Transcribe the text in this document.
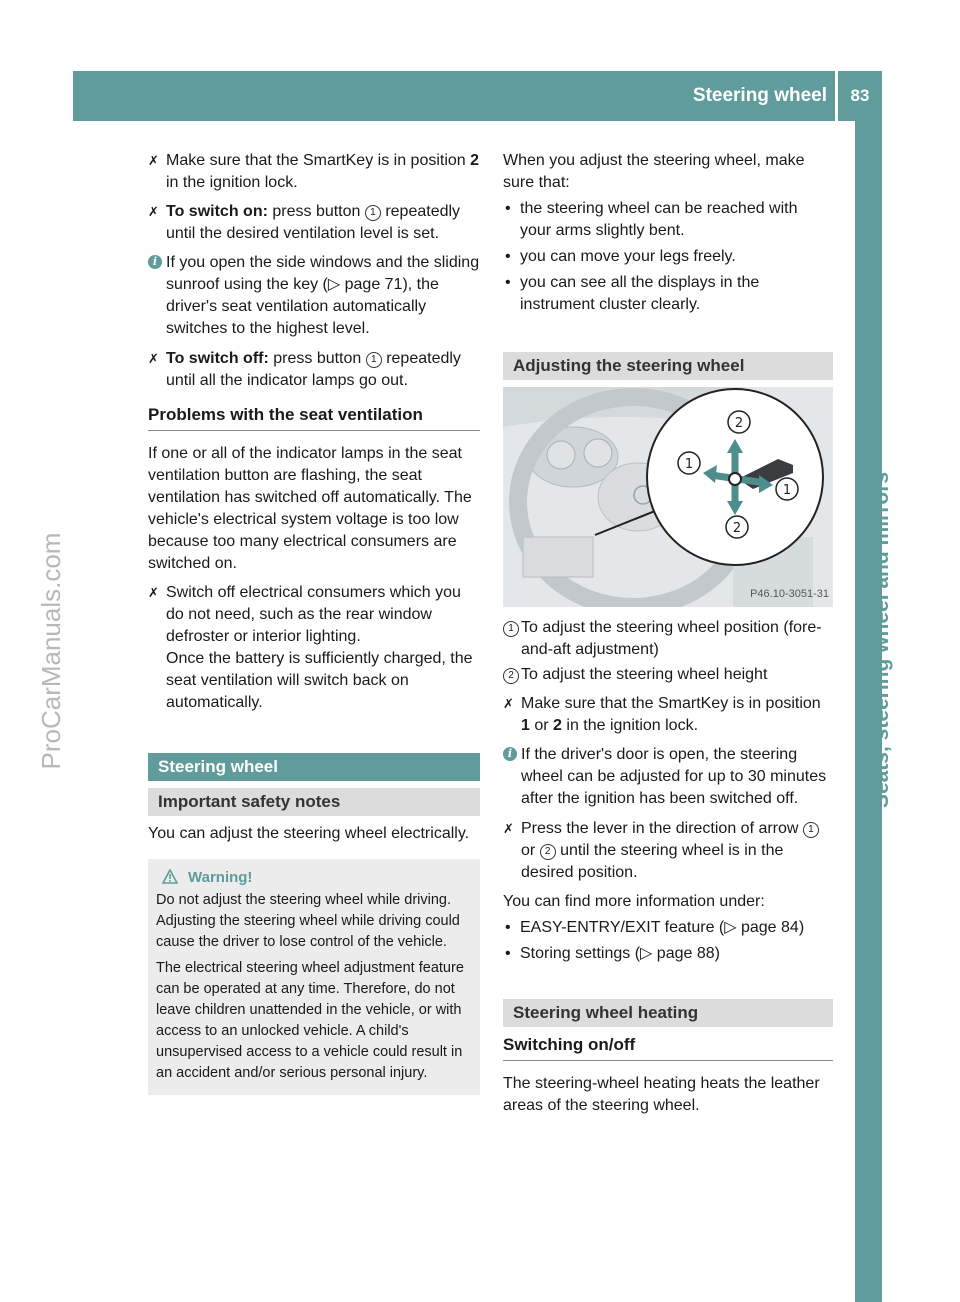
Steering wheel	83
Seats, steering wheel and mirrors
ProCarManuals.com

✗ Make sure that the SmartKey is in position 2 in the ignition lock.

✗ To switch on: press button 1 repeatedly until the desired ventilation level is set.

i If you open the side windows and the sliding sunroof using the key (▷ page 71), the driver's seat ventilation automatically switches to the highest level.

✗ To switch off: press button 1 repeatedly until all the indicator lamps go out.

Problems with the seat ventilation

If one or all of the indicator lamps in the seat ventilation button are flashing, the seat ventilation has switched off automatically. The vehicle's electrical system voltage is too low because too many electrical consumers are switched on.

✗ Switch off electrical consumers which you do not need, such as the rear window defroster or interior lighting.
Once the battery is sufficiently charged, the seat ventilation will switch back on automatically.

Steering wheel
Important safety notes

You can adjust the steering wheel electrically.

Warning!

Do not adjust the steering wheel while driving. Adjusting the steering wheel while driving could cause the driver to lose control of the vehicle.

The electrical steering wheel adjustment feature can be operated at any time. Therefore, do not leave children unattended in the vehicle, or with access to an unlocked vehicle. A child's unsupervised access to a vehicle could result in an accident and/or serious personal injury.

When you adjust the steering wheel, make sure that:

• the steering wheel can be reached with your arms slightly bent.

• you can move your legs freely.

• you can see all the displays in the instrument cluster clearly.

Adjusting the steering wheel
2
1
1
2
P46.10-3051-31

1 To adjust the steering wheel position (fore-and-aft adjustment)

2 To adjust the steering wheel height

✗ Make sure that the SmartKey is in position 1 or 2 in the ignition lock.

i If the driver's door is open, the steering wheel can be adjusted for up to 30 minutes after the ignition has been switched off.

✗ Press the lever in the direction of arrow 1 or 2 until the steering wheel is in the desired position.

You can find more information under:

• EASY-ENTRY/EXIT feature (▷ page 84)

• Storing settings (▷ page 88)

Steering wheel heating
Switching on/off

The steering-wheel heating heats the leather areas of the steering wheel.
